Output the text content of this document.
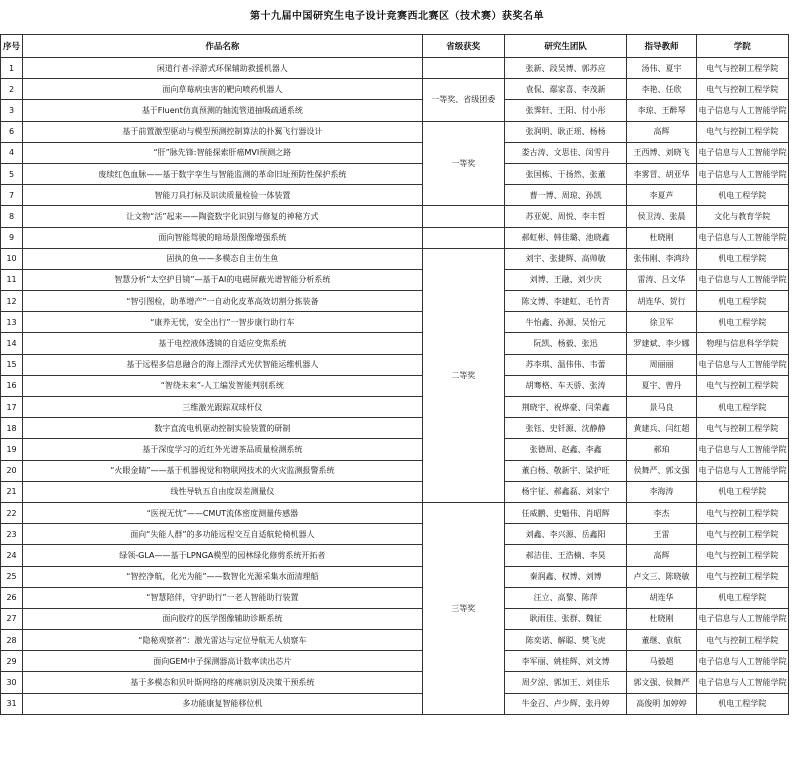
第十九届中国研究生电子设计竞赛西北赛区（技术赛）获奖名单
序号	作品名称	省级获奖	研究生团队	指导教师	学院
1	闲道行者-浮游式环保辅助救援机器人		张新、段吴博、郭苏应	汤伟、夏宇	电气与控制工程学院
2	面向草莓病虫害的靶向喷药机器人	一等奖、省级团委	袁侃、鄢家喜、李茂新	李艳、任欣	电气与控制工程学院
3	基于Fluent仿真预测的轴流管道抽吸疏通系统		张霁轩、王阳、付小彤	李琼、王醉琴	电子信息与人工智能学院
6	基于前置激型驱动与模型预测控制算法的扑翼飞行器设计	一等奖	张润明、耿正瑶、杨杨	高辉	电气与控制工程学院
4	“肝”脉先锋:智能探索肝癌MVI预测之路		娄古涛、文思佳、闵雪丹	王西博、刘晓飞	电子信息与人工智能学院
5	废续红色血脉——基于数字孪生与智能监测的革命旧址预防性保护系统		张国栋、于扬然、张董	李雾冒、胡亚华	电子信息与人工智能学院
7	智能刀具打标及识读质量检验一体装置		曹一博、周琼、孙凯	李夏芦	机电工程学院
8	让文物“活”起来——陶瓷数字化识别与修复的神秘方式		苏亚妮、周悦、李丰哲	侯卫涛、张晨	文化与教育学院
9	面向智能驾驶的暗场景图像增强系统		郝虹彬、韩佳璐、池晓鑫	杜晓刚	电子信息与人工智能学院
10	固执的鱼——多模态自主仿生鱼	二等奖	刘宇、张捷辉、高帅敏	张伟刚、李鸿玲	机电工程学院
11	智慧分析“太空护目镜”—基于AI的电磁屏蔽光谱智能分析系统		刘博、王融、刘少庆	雷涛、吕文华	电子信息与人工智能学院
12	“智引图检，助革增产”一自动化皮革高效切割分拣装备		陈文博、李建虹、毛竹青	胡连华、贺行	机电工程学院
13	“康养无忧，安全出行”一智步康行助行车		牛怡鑫、孙源、吴怡元	徐卫军	机电工程学院
14	基于电控液体透镜的自适应变焦系统		阮凯、杨毅、张迅	罗建斌、李少娜	物理与信息科学学院
15	基于远程多信息融合的海上漂浮式光伏智能运维机器人		苏李琪、温伟伟、韦蕾	周丽丽	电子信息与人工智能学院
16	“智绕未来”-人工编发智能判别系统		胡骞格、车天骄、张涛	夏宇、曾丹	电气与控制工程学院
17	三维激光跟踪双球杆仪		荆晓宇、祝烨豪、闫荣鑫	景马良	机电工程学院
18	数字直流电机驱动控制实验装置的研制		张钰、史钎源、沈静静	黄建兵、闫红超	电气与控制工程学院
19	基于深度学习的近红外光谱茶品质量检测系统		张德周、赵鑫、李鑫	郝珀	电子信息与人工智能学院
20	“火眼金睛”——基于机器视觉和物联网技术的火灾监测报警系统		董白杨、敬新宇、梁护旺	侯舞严、郭文强	电子信息与人工智能学院
21	线性导轨五自由度误差测量仪		杨宇征、郝鑫磊、刘家宁	李海涛	机电工程学院
22	“医视无忧”——CMUT流体密度测量传感器	三等奖	任威鹏、史魁伟、肖昭辉	李杰	电气与控制工程学院
23	面向“失能人群”的多功能远程交互自适航轮椅机器人		刘鑫、李兴源、岳鑫阳	王雷	电气与控制工程学院
24	绿领-GLA——基于LPNGA模型的园林绿化修剪系统开拓者		郝洁佳、王浩楠、李昊	高辉	电气与控制工程学院
25	“智控净航，化光为能”——数智化光源采集水面清理船		秦润鑫、权博、刘博	卢文三、陈晓敏	电气与控制工程学院
26	“智慧陪伴，守护助行”一老人智能助行装置		汪立、高黎、陈萍	胡连华	机电工程学院
27	面向胶疗的医学图像辅助诊断系统		耿雨佳、张群、魏征	杜晓刚	电子信息与人工智能学院
28	“隐秘观察者”：激光雷达与定位导航无人侦察车		陈奕诺、解聪、樊飞虎	董继、袁航	电气与控制工程学院
29	面向GEM中子探测器高计数率读出芯片		李军丽、姚桂辉、刘文博	马毅超	电子信息与人工智能学院
30	基于多模态和贝叶斯网络的疼痛识别及决策干预系统		周夕涼、郭加王、刘佳乐	郭文强、侯舞严	电子信息与人工智能学院
31	多功能康复智能移位机		牛金召、卢少辉、张丹婷	高俊明 加婷婷	机电工程学院
